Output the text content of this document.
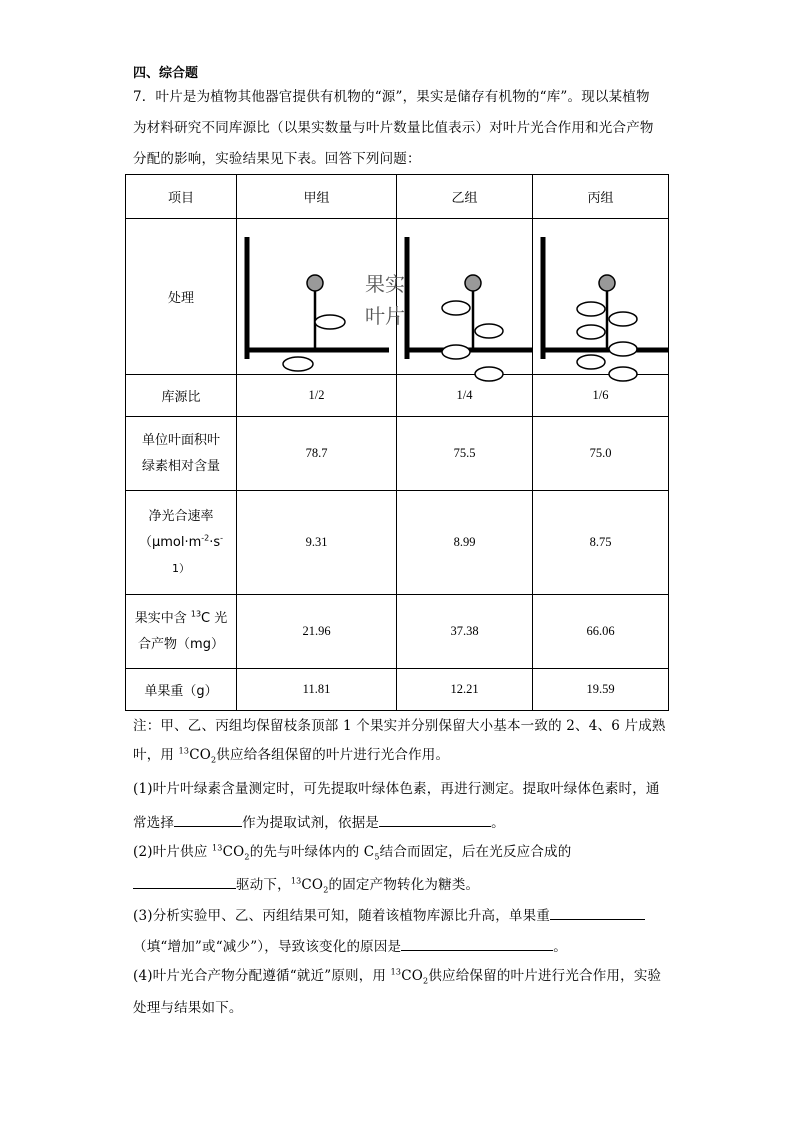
四、综合题
7．叶片是为植物其他器官提供有机物的“源”，果实是储存有机物的“库”。现以某植物
为材料研究不同库源比（以果实数量与叶片数量比值表示）对叶片光合作用和光合产物
分配的影响，实验结果见下表。回答下列问题：
项目	甲组	乙组	丙组
处理	果实
叶片

库源比	1/2	1/4	1/6

单位叶面积叶
绿素相对含量	78.7	75.5	75.0

净光合速率
（$\mu mol\cdot m^{-2}\cdot s^-$
1）	9.31	8.99	8.75

果实中含 $^{13}$C 光
合产物（mg）	21.96	37.38	66.06
单果重（g）	11.81	12.21	19.59
注：甲、乙、丙组均保留枝条顶部 1 个果实并分别保留大小基本一致的 2、4、6 片成熟
叶，用 $^{13}CO_2$供应给各组保留的叶片进行光合作用。
(1)叶片叶绿素含量测定时，可先提取叶绿体色素，再进行测定。提取叶绿体色素时，通
常选择	作为提取试剂，依据是	。
(2)叶片供应 $^{13}CO_2$的先与叶绿体内的 $C_5$结合而固定，后在光反应合成的
驱动下，$^{13}CO_2$的固定产物转化为糖类。
(3)分析实验甲、乙、丙组结果可知，随着该植物库源比升高，单果重
（填“增加”或“减少”），导致该变化的原因是	。
(4)叶片光合产物分配遵循“就近”原则，用 $^{13}CO_2$供应给保留的叶片进行光合作用，实验
处理与结果如下。
